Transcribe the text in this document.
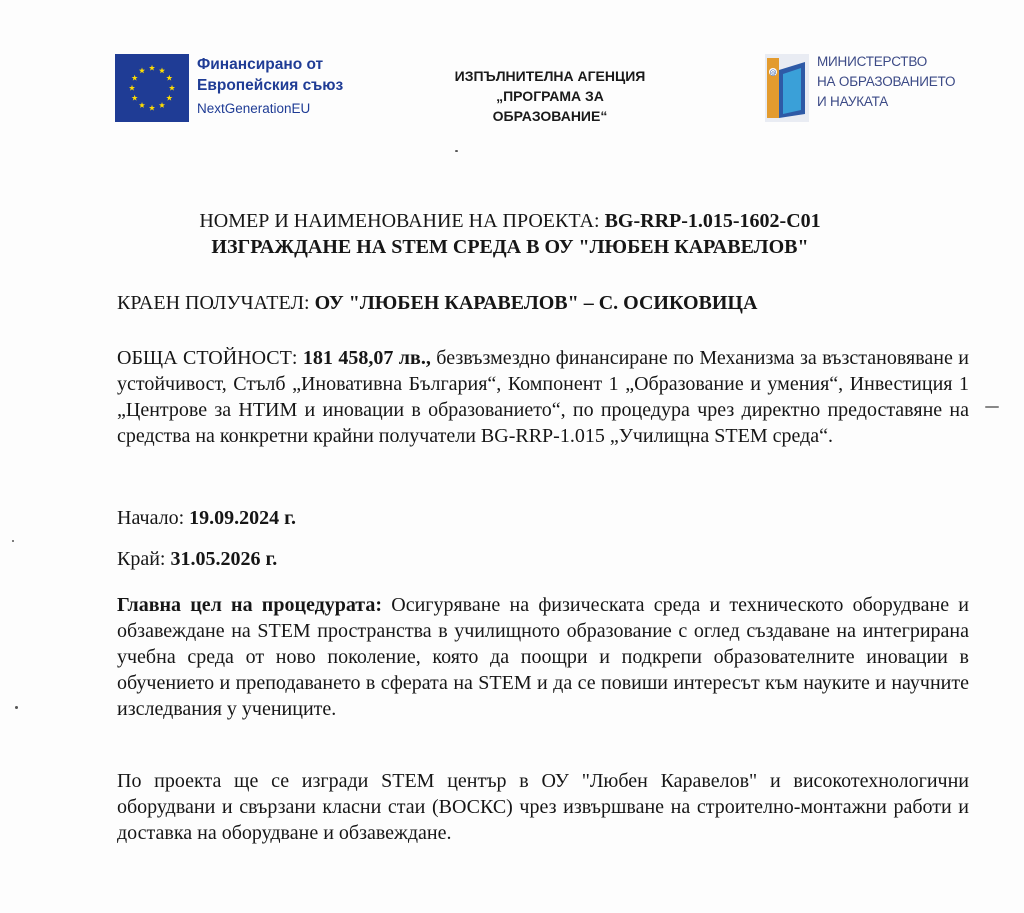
Финансирано от
Европейския съюз
NextGenerationEU
ИЗПЪЛНИТЕЛНА АГЕНЦИЯ
„ПРОГРАМА ЗА ОБРАЗОВАНИЕ“
@
МИНИСТЕРСТВО
НА ОБРАЗОВАНИЕТО
И НАУКАТА
НОМЕР И НАИМЕНОВАНИЕ НА ПРОЕКТА: BG-RRP-1.015-1602-C01
ИЗГРАЖДАНЕ НА STEM СРЕДА В ОУ "ЛЮБЕН КАРАВЕЛОВ"
КРАЕН ПОЛУЧАТЕЛ: ОУ "ЛЮБЕН КАРАВЕЛОВ" – С. ОСИКОВИЦА
ОБЩА СТОЙНОСТ: 181 458,07 лв., безвъзмездно финансиране по Механизма за възстановяване и устойчивост, Стълб „Иновативна България“, Компонент 1 „Образование и умения“, Инвестиция 1 „Центрове за НТИМ и иновации в образованието“, по процедура чрез директно предоставяне на средства на конкретни крайни получатели BG-RRP-1.015 „Училищна STEM среда“.
Начало: 19.09.2024 г.
Край: 31.05.2026 г.
Главна цел на процедурата: Осигуряване на физическата среда и техническото оборудване и обзавеждане на STEM пространства в училищното образование с оглед създаване на интегрирана учебна среда от ново поколение, която да поощри и подкрепи образователните иновации в обучението и преподаването в сферата на STEM и да се повиши интересът към науките и научните изследвания у учениците.
По проекта ще се изгради STEM център в ОУ "Любен Каравелов" и високотехнологични оборудвани и свързани класни стаи (ВОСКС) чрез извършване на строително-монтажни работи и доставка на оборудване и обзавеждане.
